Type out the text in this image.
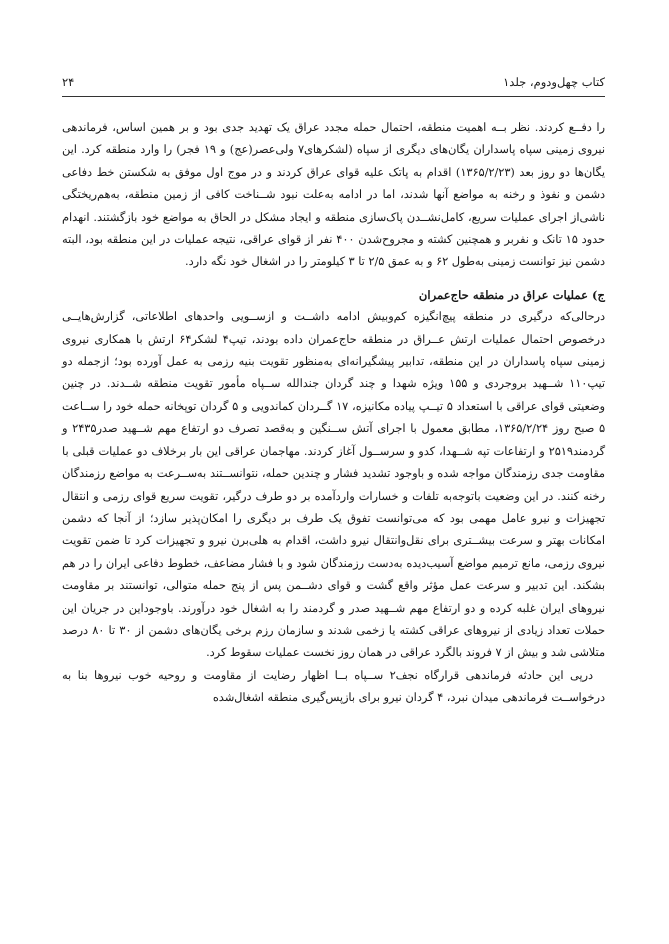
کتاب چهل‌ودوم، جلد۱
۲۴

را دفــع کردند. نظر بــه اهمیت منطقه، احتمال حمله مجدد عراق یک تهدید جدی بود و بر همین اساس، فرماندهی نیروی زمینی سپاه پاسداران یگان‌های دیگری از سپاه (لشکرهای۷ ولی‌عصر(عج) و ۱۹ فجر) را وارد منطقه کرد. این یگان‌ها دو روز بعد (۱۳۶۵/۲/۲۳) اقدام به پاتک علیه قوای عراق کردند و در موج اول موفق به شکستن خط دفاعی دشمن و نفوذ و رخنه به مواضع آنها شدند، اما در ادامه به‌علت نبود شــناخت کافی از زمین منطقه، به‌هم‌ریختگی ناشی‌از اجرای عملیات سریع، کامل‌نشــدن پاک‌سازی منطقه و ایجاد مشکل در الحاق به مواضع خود بازگشتند. انهدام حدود ۱۵ تانک و نفربر و همچنین کشته و مجروح‌شدن ۴۰۰ نفر از قوای عراقی، نتیجه عملیات در این منطقه بود، البته دشمن نیز توانست زمینی به‌طول ۶۲ و به عمق ۲/۵ تا ۳ کیلومتر را در اشغال خود نگه دارد.

ج) عملیات عراق در منطقه حاج‌عمران

درحالی‌که درگیری در منطقه پیچ‌انگیزه کم‌وبیش ادامه داشــت و ازســویی واحدهای اطلاعاتی، گزارش‌هایــی درخصوص احتمال عملیات ارتش عــراق در منطقه حاج‌عمران داده بودند، تیپ۴ لشکر۶۴ ارتش با همکاری نیروی زمینی سپاه پاسداران در این منطقه، تدابیر پیشگیرانه‌ای به‌منظور تقویت بنیه رزمی به عمل آورده بود؛ ازجمله دو تیپ۱۱۰ شــهید بروجردی و ۱۵۵ ویژه شهدا و چند گردان جندالله ســپاه مأمور تقویت منطقه شــدند. در چنین وضعیتی قوای عراقی با استعداد ۵ تیــپ پیاده مکانیزه، ۱۷ گــردان کماندویی و ۵ گردان توپخانه حمله خود را ســاعت ۵ صبح روز ۱۳۶۵/۲/۲۴، مطابق معمول با اجرای آتش ســنگین و به‌قصد تصرف دو ارتفاع مهم شــهید صدر۲۴۳۵ و گردمند۲۵۱۹ و ارتفاعات تپه شــهدا، کدو و سرســول آغاز کردند. مهاجمان عراقی این بار برخلاف دو عملیات قبلی با مقاومت جدی رزمندگان مواجه شده و باوجود تشدید فشار و چندین حمله، نتوانســتند به‌ســرعت به مواضع رزمندگان رخنه کنند. در این وضعیت باتوجه‌به تلفات و خسارات واردآمده بر دو طرف درگیر، تقویت سریع قوای رزمی و انتقال تجهیزات و نیرو عامل مهمی بود که می‌توانست تفوق یک طرف بر دیگری را امکان‌پذیر سازد؛ از آنجا که دشمن امکانات بهتر و سرعت بیشــتری برای نقل‌وانتقال نیرو داشت، اقدام به هلی‌برن نیرو و تجهیزات کرد تا ضمن تقویت نیروی رزمی، مانع ترمیم مواضع آسیب‌دیده به‌دست رزمندگان شود و با فشار مضاعف، خطوط دفاعی ایران را در هم بشکند. این تدبیر و سرعت عمل مؤثر واقع گشت و قوای دشــمن پس از پنج حمله متوالی، توانستند بر مقاومت نیروهای ایران غلبه کرده و دو ارتفاع مهم شــهید صدر و گردمند را به اشغال خود درآورند. باوجوداین در جریان این حملات تعداد زیادی از نیروهای عراقی کشته یا زخمی شدند و سازمان رزم برخی یگان‌های دشمن از ۳۰ تا ۸۰ درصد متلاشی شد و بیش از ۷ فروند بالگرد عراقی در همان روز نخست عملیات سقوط کرد.

درپی این حادثه فرماندهی قرارگاه نجف۲ ســپاه بــا اظهار رضایت از مقاومت و روحیه خوب نیروها بنا به درخواســت فرماندهی میدان نبرد، ۴ گردان نیرو برای بازپس‌گیری منطقه اشغال‌شده
